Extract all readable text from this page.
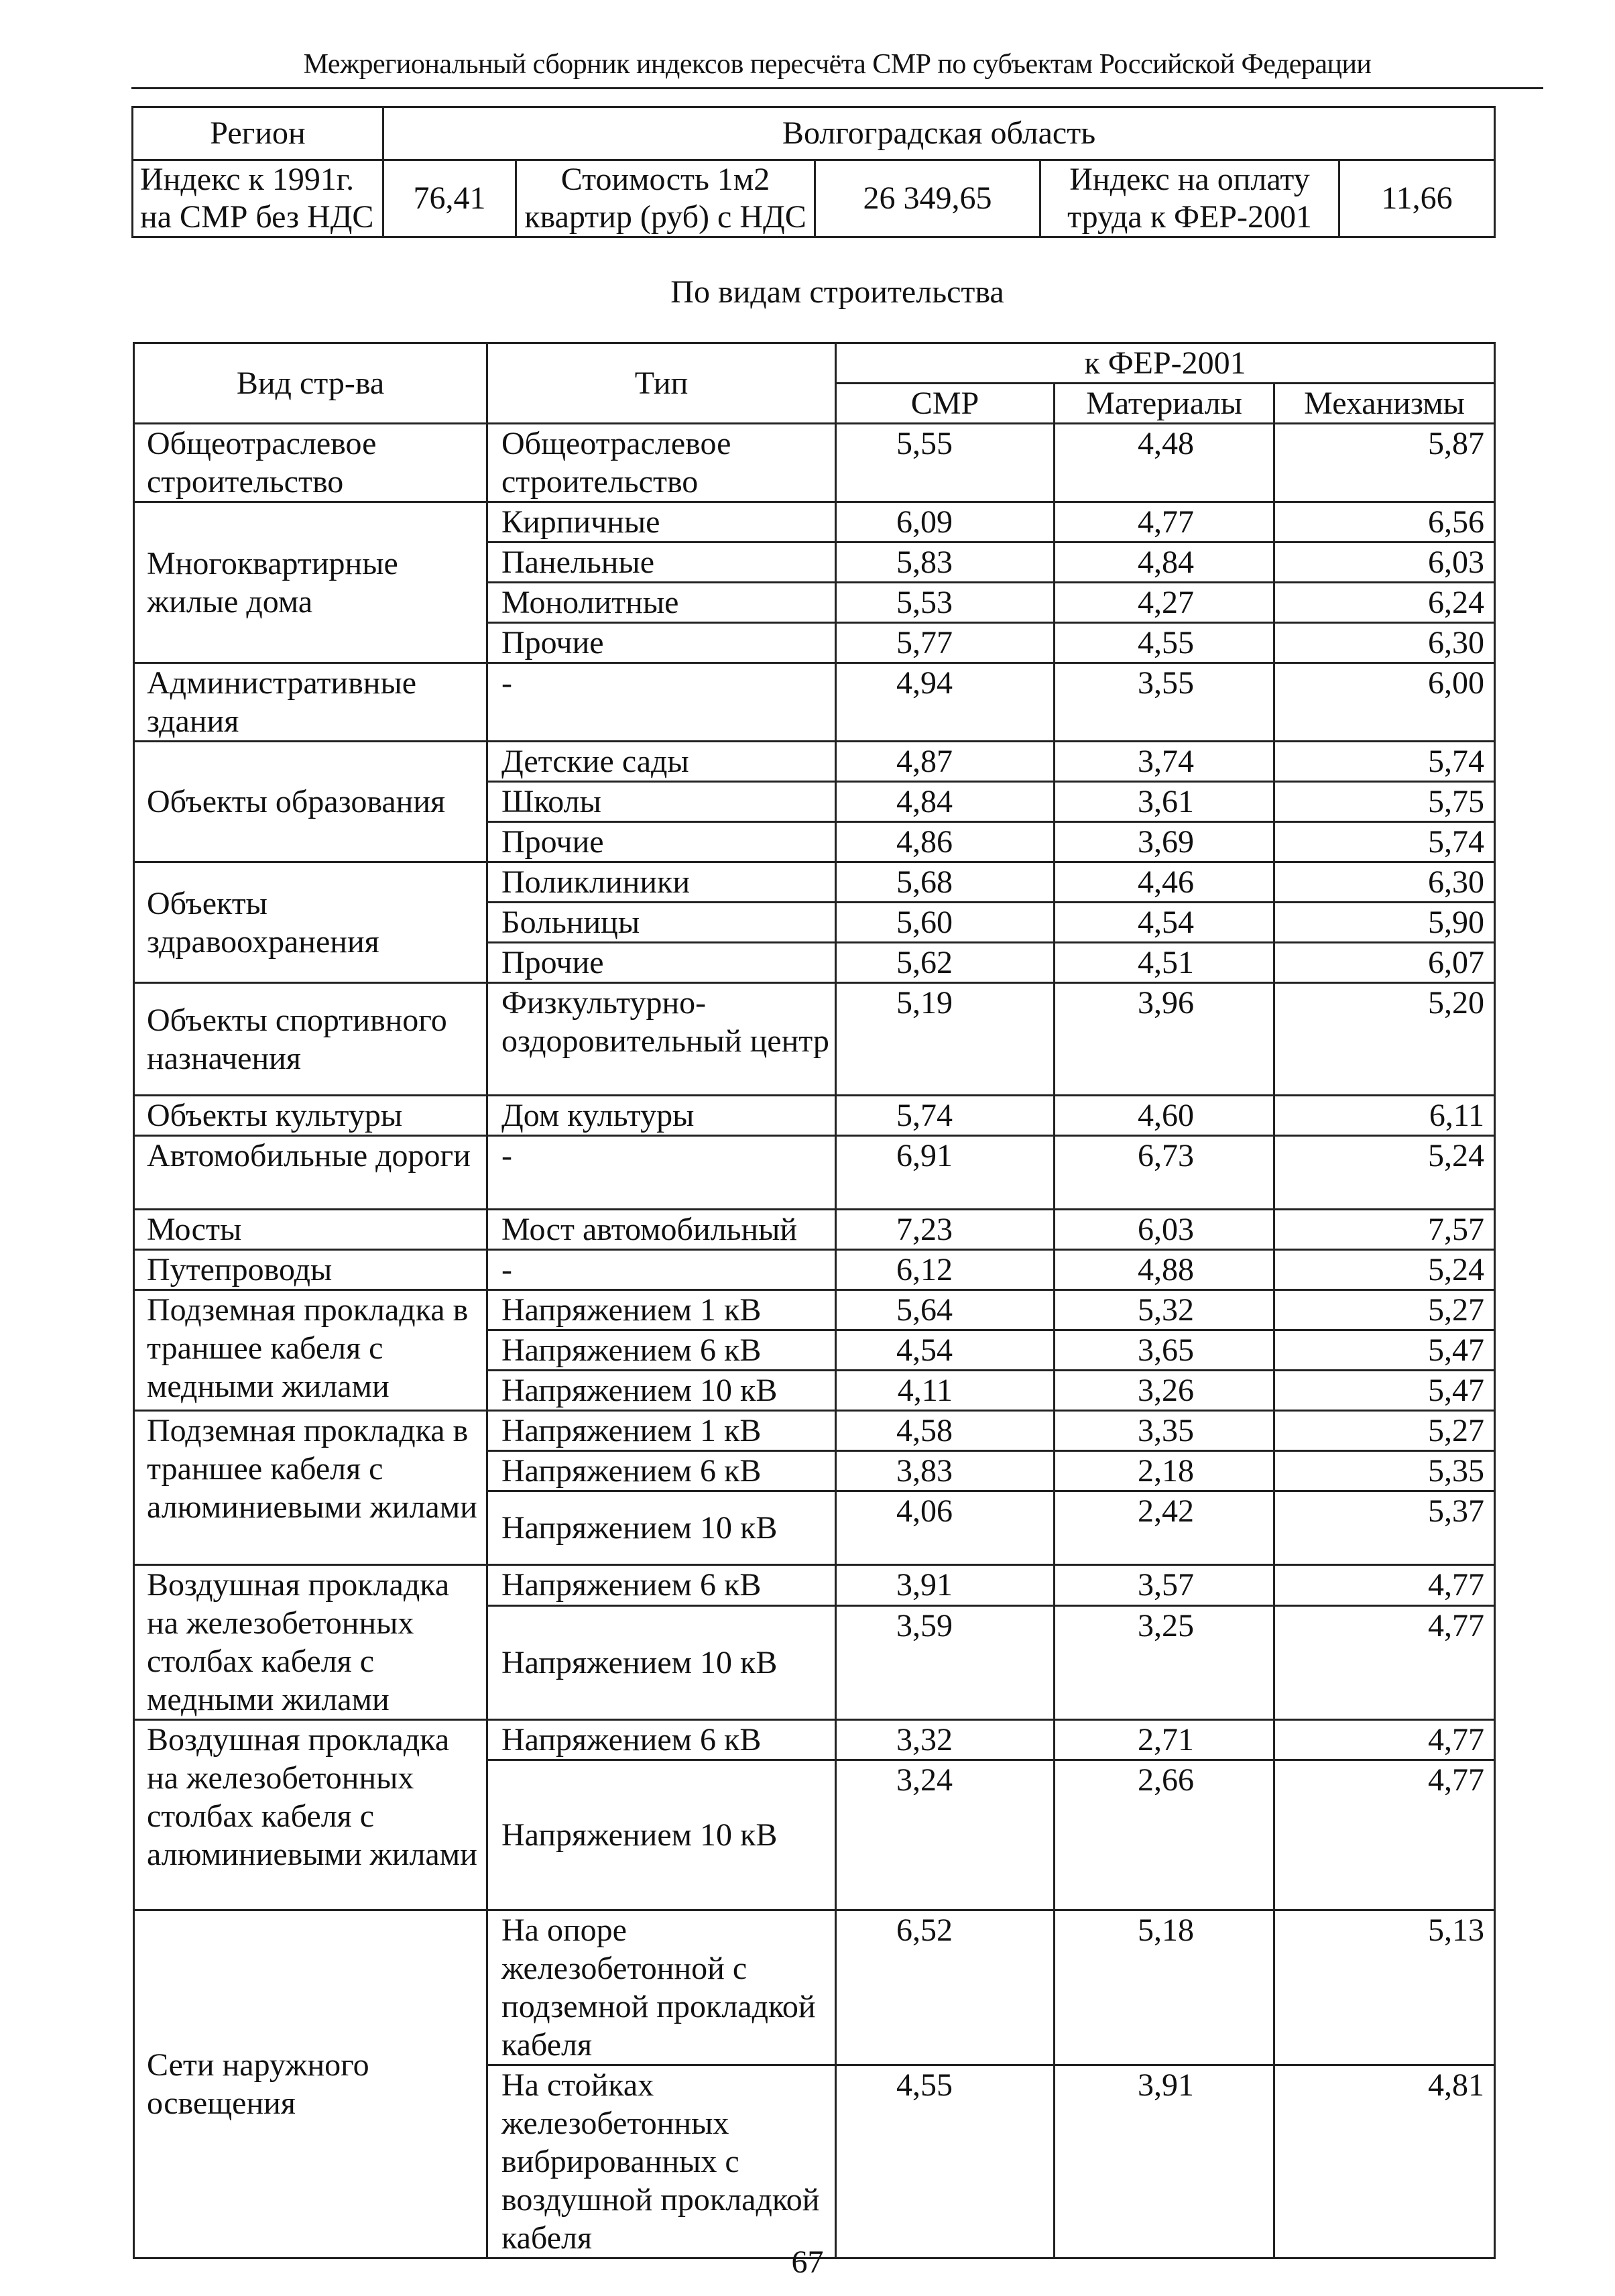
Межрегиональный сборник индексов пересчёта СМР по субъектам Российской Федерации
Регион	Волгоградская область				
Индекс к 1991г. на СМР без НДС	76,41	Стоимость 1м2 квартир (руб) с НДС	26 349,65	Индекс на оплату труда к ФЕР-2001	11,66
По видам строительства
Вид стр-ва	Тип	к ФЕР-2001		
		СМР	Материалы	Механизмы
Общеотраслевое строительство	Общеотраслевое строительство	5,55	4,48	5,87
Многоквартирные жилые дома	Кирпичные	6,09	4,77	6,56
	Панельные	5,83	4,84	6,03
	Монолитные	5,53	4,27	6,24
	Прочие	5,77	4,55	6,30
Административные здания	-	4,94	3,55	6,00
Объекты образования	Детские сады	4,87	3,74	5,74
	Школы	4,84	3,61	5,75
	Прочие	4,86	3,69	5,74
Объекты здравоохранения	Поликлиники	5,68	4,46	6,30
	Больницы	5,60	4,54	5,90
	Прочие	5,62	4,51	6,07
Объекты спортивного назначения	Физкультурно-оздоровительный центр	5,19	3,96	5,20
Объекты культуры	Дом культуры	5,74	4,60	6,11
Автомобильные дороги	-	6,91	6,73	5,24
Мосты	Мост автомобильный	7,23	6,03	7,57
Путепроводы	-	6,12	4,88	5,24
Подземная прокладка в траншее кабеля с медными жилами	Напряжением 1 кВ	5,64	5,32	5,27
	Напряжением 6 кВ	4,54	3,65	5,47
	Напряжением 10 кВ	4,11	3,26	5,47
Подземная прокладка в траншее кабеля с алюминиевыми жилами	Напряжением 1 кВ	4,58	3,35	5,27
	Напряжением 6 кВ	3,83	2,18	5,35
	Напряжением 10 кВ	4,06	2,42	5,37
Воздушная прокладка на железобетонных столбах кабеля с медными жилами	Напряжением 6 кВ	3,91	3,57	4,77
	Напряжением 10 кВ	3,59	3,25	4,77
Воздушная прокладка на железобетонных столбах кабеля с алюминиевыми жилами	Напряжением 6 кВ	3,32	2,71	4,77
	Напряжением 10 кВ	3,24	2,66	4,77
Сети наружного освещения	На опоре железобетонной с подземной прокладкой кабеля	6,52	5,18	5,13
	На стойках железобетонных вибрированных с воздушной прокладкой кабеля	4,55	3,91	4,81
67
